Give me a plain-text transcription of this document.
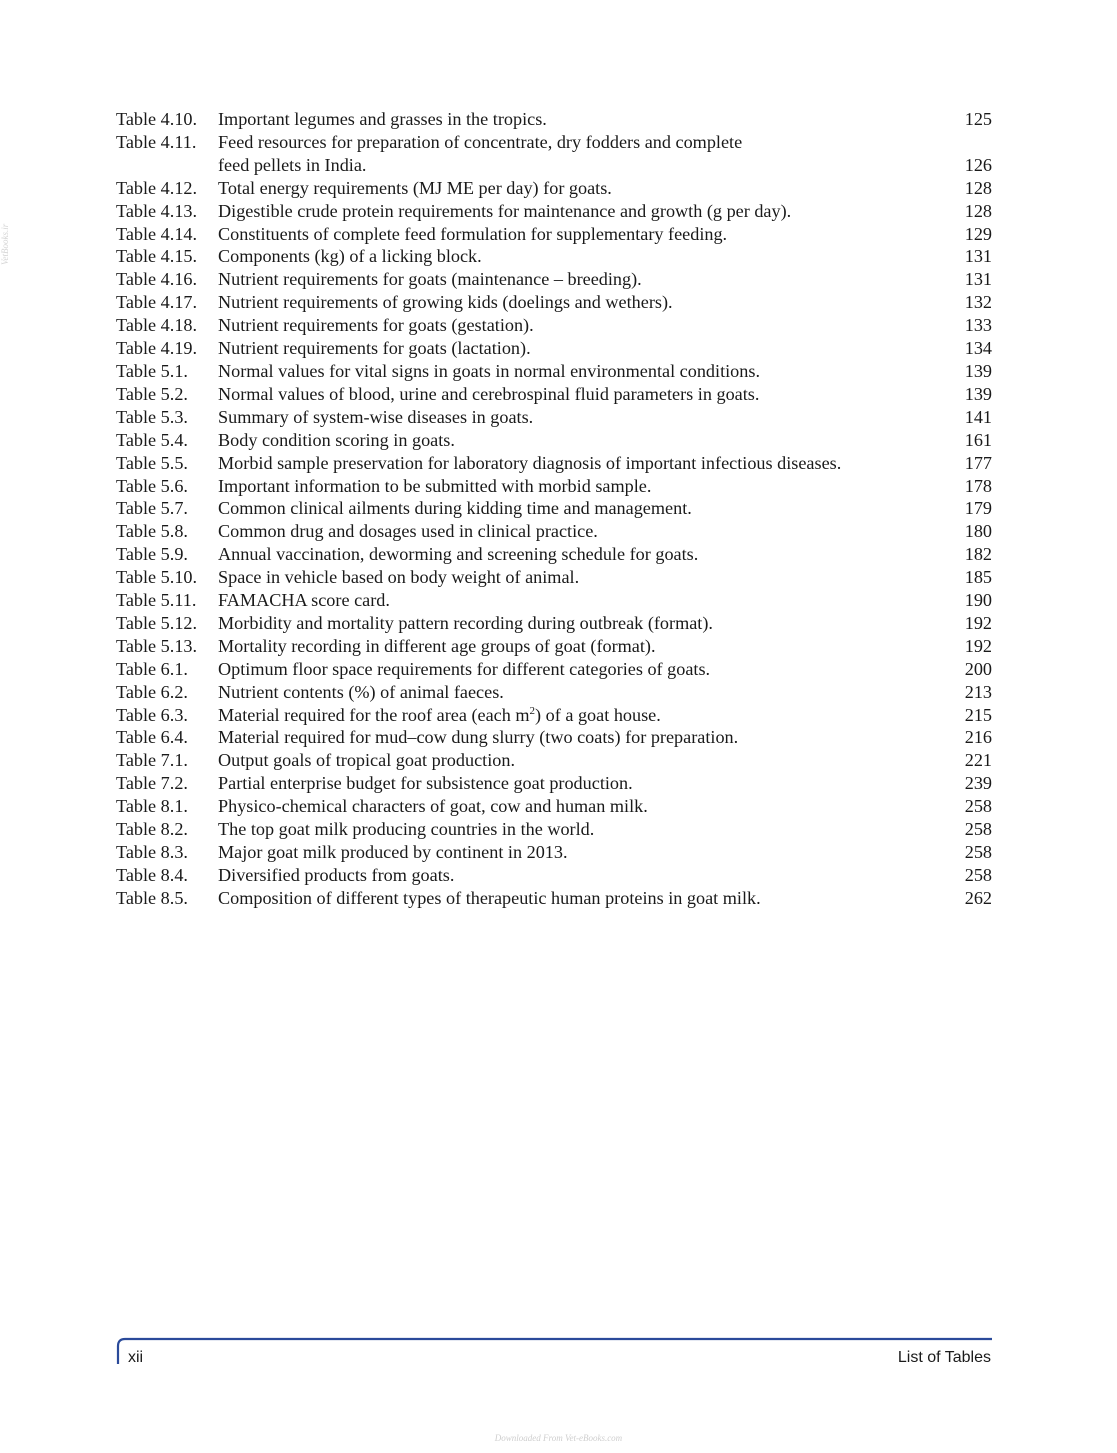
VetBooks.ir
Table 4.10.	Important legumes and grasses in the tropics.	125
Table 4.11.	Feed resources for preparation of concentrate, dry fodders and complete
feed pellets in India.	126
Table 4.12.	Total energy requirements (MJ ME per day) for goats.	128
Table 4.13.	Digestible crude protein requirements for maintenance and growth (g per day).	128
Table 4.14.	Constituents of complete feed formulation for supplementary feeding.	129
Table 4.15.	Components (kg) of a licking block.	131
Table 4.16.	Nutrient requirements for goats (maintenance – breeding).	131
Table 4.17.	Nutrient requirements of growing kids (doelings and wethers).	132
Table 4.18.	Nutrient requirements for goats (gestation).	133
Table 4.19.	Nutrient requirements for goats (lactation).	134
Table 5.1.	Normal values for vital signs in goats in normal environmental conditions.	139
Table 5.2.	Normal values of blood, urine and cerebrospinal fluid parameters in goats.	139
Table 5.3.	Summary of system-wise diseases in goats.	141
Table 5.4.	Body condition scoring in goats.	161
Table 5.5.	Morbid sample preservation for laboratory diagnosis of important infectious diseases.	177
Table 5.6.	Important information to be submitted with morbid sample.	178
Table 5.7.	Common clinical ailments during kidding time and management.	179
Table 5.8.	Common drug and dosages used in clinical practice.	180
Table 5.9.	Annual vaccination, deworming and screening schedule for goats.	182
Table 5.10.	Space in vehicle based on body weight of animal.	185
Table 5.11.	FAMACHA score card.	190
Table 5.12.	Morbidity and mortality pattern recording during outbreak (format).	192
Table 5.13.	Mortality recording in different age groups of goat (format).	192
Table 6.1.	Optimum floor space requirements for different categories of goats.	200
Table 6.2.	Nutrient contents (%) of animal faeces.	213
Table 6.3.	Material required for the roof area (each $m^2$) of a goat house.	215
Table 6.4.	Material required for mud–cow dung slurry (two coats) for preparation.	216
Table 7.1.	Output goals of tropical goat production.	221
Table 7.2.	Partial enterprise budget for subsistence goat production.	239
Table 8.1.	Physico-chemical characters of goat, cow and human milk.	258
Table 8.2.	The top goat milk producing countries in the world.	258
Table 8.3.	Major goat milk produced by continent in 2013.	258
Table 8.4.	Diversified products from goats.	258
Table 8.5.	Composition of different types of therapeutic human proteins in goat milk.	262
xii	List of Tables
Downloaded From Vet-eBooks.com
